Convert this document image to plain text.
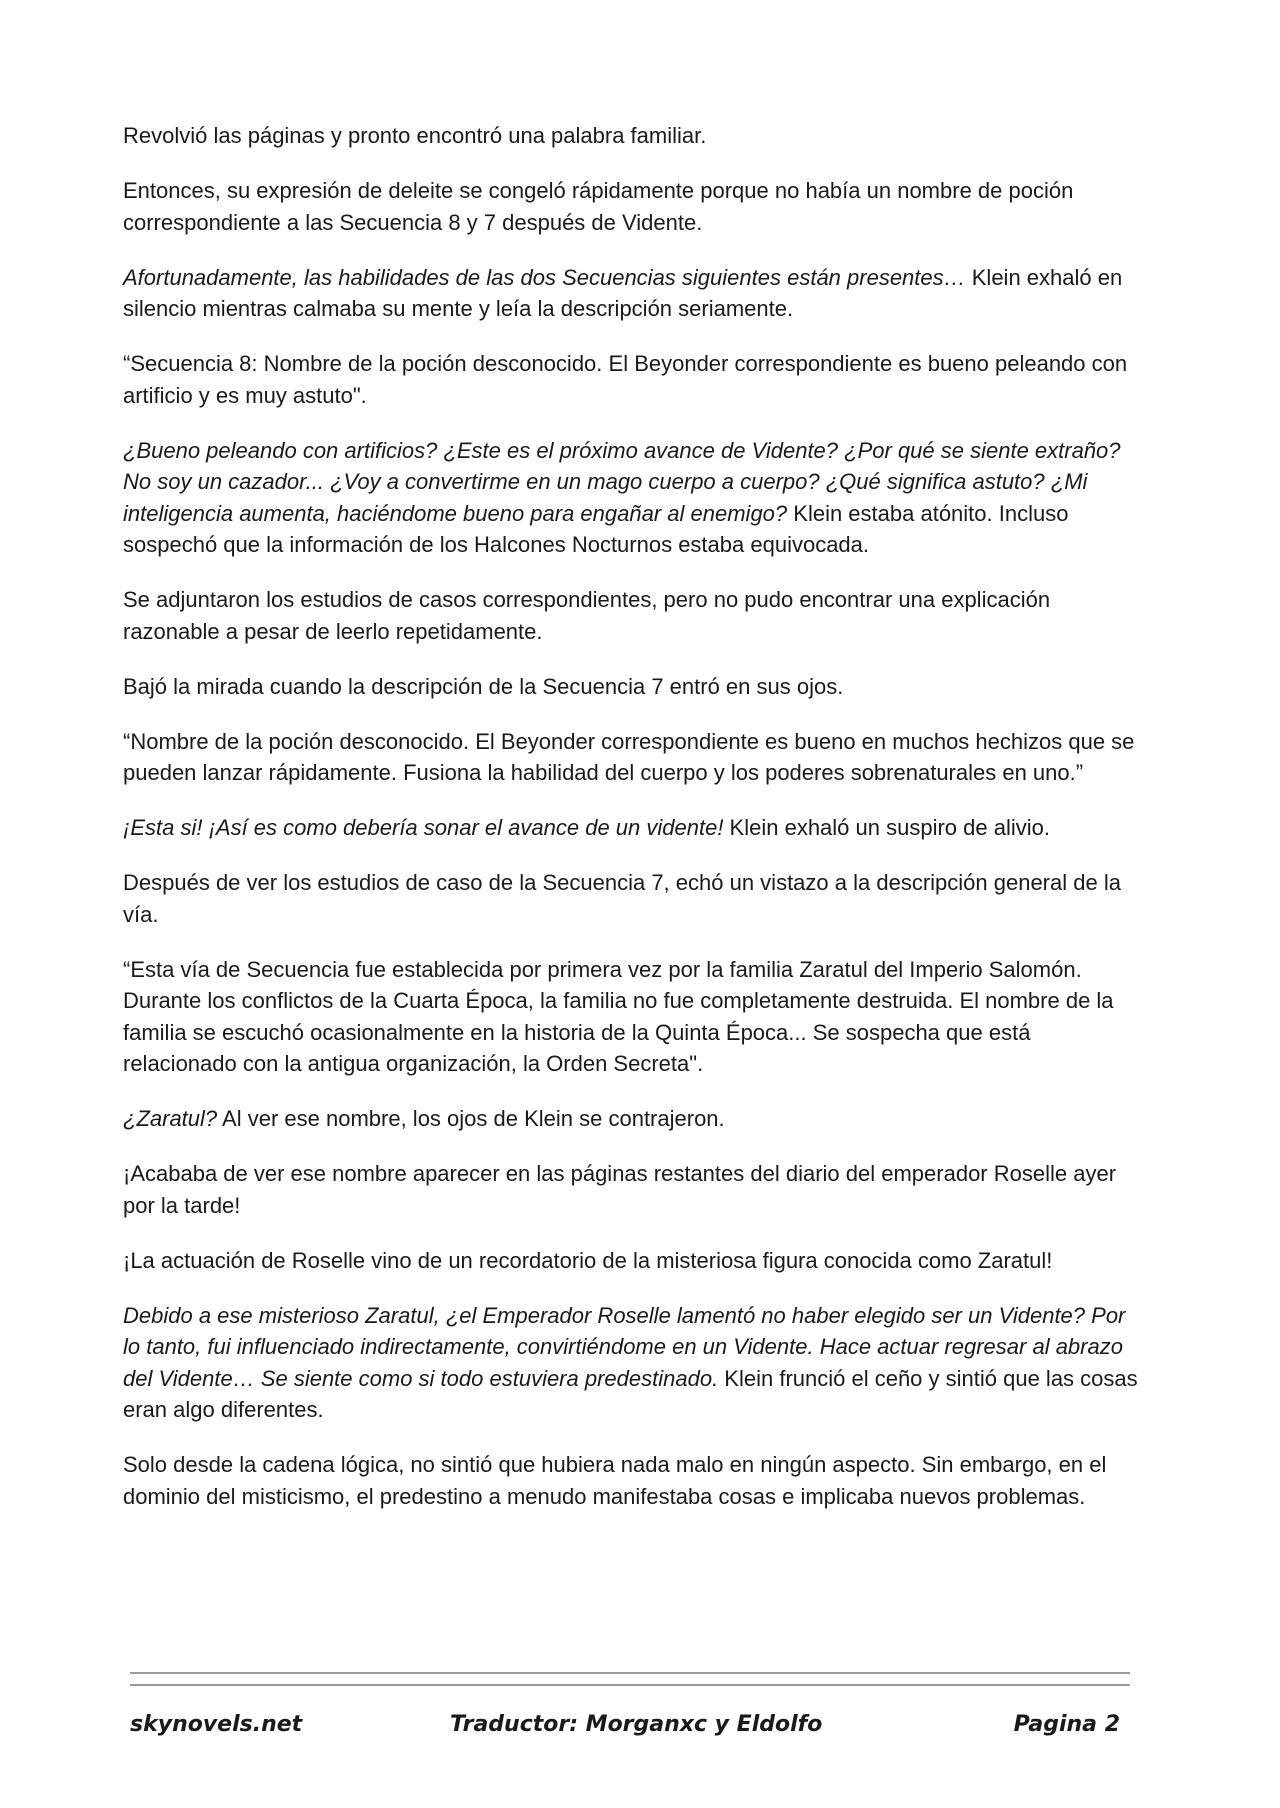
Revolvió las páginas y pronto encontró una palabra familiar.

Entonces, su expresión de deleite se congeló rápidamente porque no había un nombre de poción correspondiente a las Secuencia 8 y 7 después de Vidente.

Afortunadamente, las habilidades de las dos Secuencias siguientes están presentes… Klein exhaló en silencio mientras calmaba su mente y leía la descripción seriamente.

“Secuencia 8: Nombre de la poción desconocido. El Beyonder correspondiente es bueno peleando con artificio y es muy astuto".

¿Bueno peleando con artificios? ¿Este es el próximo avance de Vidente? ¿Por qué se siente extraño? No soy un cazador... ¿Voy a convertirme en un mago cuerpo a cuerpo? ¿Qué significa astuto? ¿Mi inteligencia aumenta, haciéndome bueno para engañar al enemigo? Klein estaba atónito. Incluso sospechó que la información de los Halcones Nocturnos estaba equivocada.

Se adjuntaron los estudios de casos correspondientes, pero no pudo encontrar una explicación razonable a pesar de leerlo repetidamente.

Bajó la mirada cuando la descripción de la Secuencia 7 entró en sus ojos.

“Nombre de la poción desconocido. El Beyonder correspondiente es bueno en muchos hechizos que se pueden lanzar rápidamente. Fusiona la habilidad del cuerpo y los poderes sobrenaturales en uno.”

¡Esta si! ¡Así es como debería sonar el avance de un vidente! Klein exhaló un suspiro de alivio.

Después de ver los estudios de caso de la Secuencia 7, echó un vistazo a la descripción general de la vía.

“Esta vía de Secuencia fue establecida por primera vez por la familia Zaratul del Imperio Salomón. Durante los conflictos de la Cuarta Época, la familia no fue completamente destruida. El nombre de la familia se escuchó ocasionalmente en la historia de la Quinta Época... Se sospecha que está relacionado con la antigua organización, la Orden Secreta".

¿Zaratul? Al ver ese nombre, los ojos de Klein se contrajeron.

¡Acababa de ver ese nombre aparecer en las páginas restantes del diario del emperador Roselle ayer por la tarde!

¡La actuación de Roselle vino de un recordatorio de la misteriosa figura conocida como Zaratul!

Debido a ese misterioso Zaratul, ¿el Emperador Roselle lamentó no haber elegido ser un Vidente? Por lo tanto, fui influenciado indirectamente, convirtiéndome en un Vidente. Hace actuar regresar al abrazo del Vidente… Se siente como si todo estuviera predestinado. Klein frunció el ceño y sintió que las cosas eran algo diferentes.

Solo desde la cadena lógica, no sintió que hubiera nada malo en ningún aspecto. Sin embargo, en el dominio del misticismo, el predestino a menudo manifestaba cosas e implicaba nuevos problemas.

skynovels.net	Traductor: Morganxc y Eldolfo	Pagina 2
